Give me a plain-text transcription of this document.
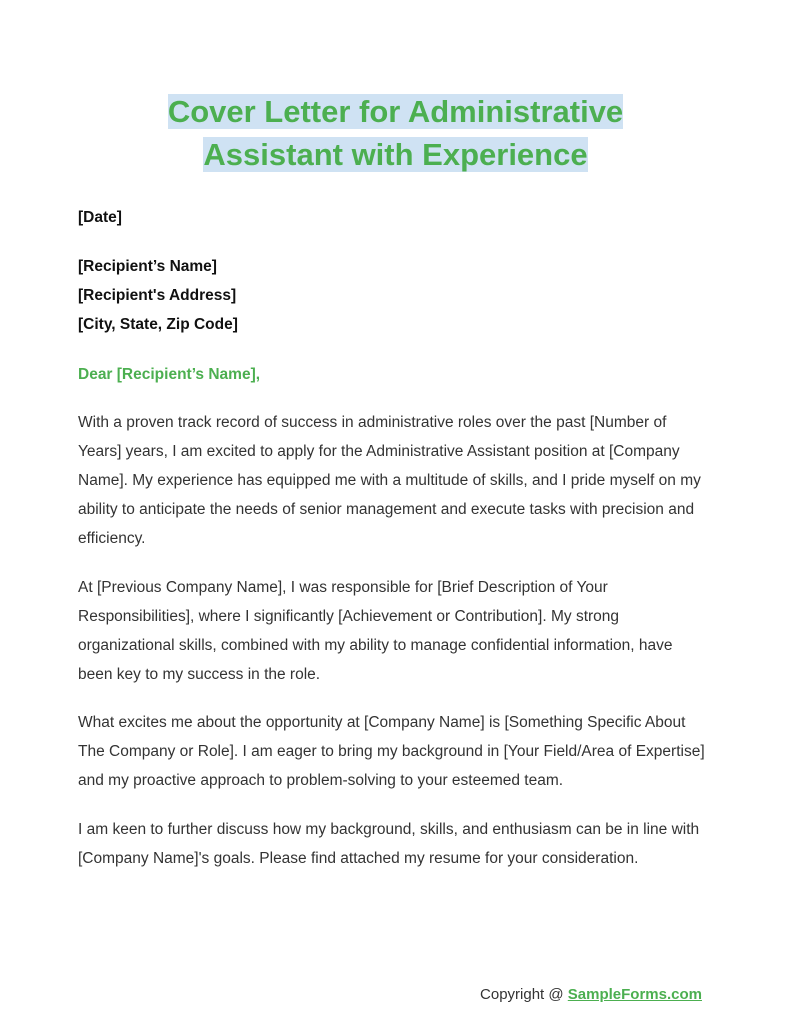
Cover Letter for Administrative
Assistant with Experience
[Date]
[Recipient’s Name]
[Recipient's Address]
[City, State, Zip Code]
Dear [Recipient’s Name],
With a proven track record of success in administrative roles over the past [Number of Years] years, I am excited to apply for the Administrative Assistant position at [Company Name]. My experience has equipped me with a multitude of skills, and I pride myself on my ability to anticipate the needs of senior management and execute tasks with precision and efficiency.
At [Previous Company Name], I was responsible for [Brief Description of Your Responsibilities], where I significantly [Achievement or Contribution]. My strong organizational skills, combined with my ability to manage confidential information, have been key to my success in the role.
What excites me about the opportunity at [Company Name] is [Something Specific About The Company or Role]. I am eager to bring my background in [Your Field/Area of Expertise] and my proactive approach to problem-solving to your esteemed team.
I am keen to further discuss how my background, skills, and enthusiasm can be in line with [Company Name]'s goals. Please find attached my resume for your consideration.
Copyright @ SampleForms.com
